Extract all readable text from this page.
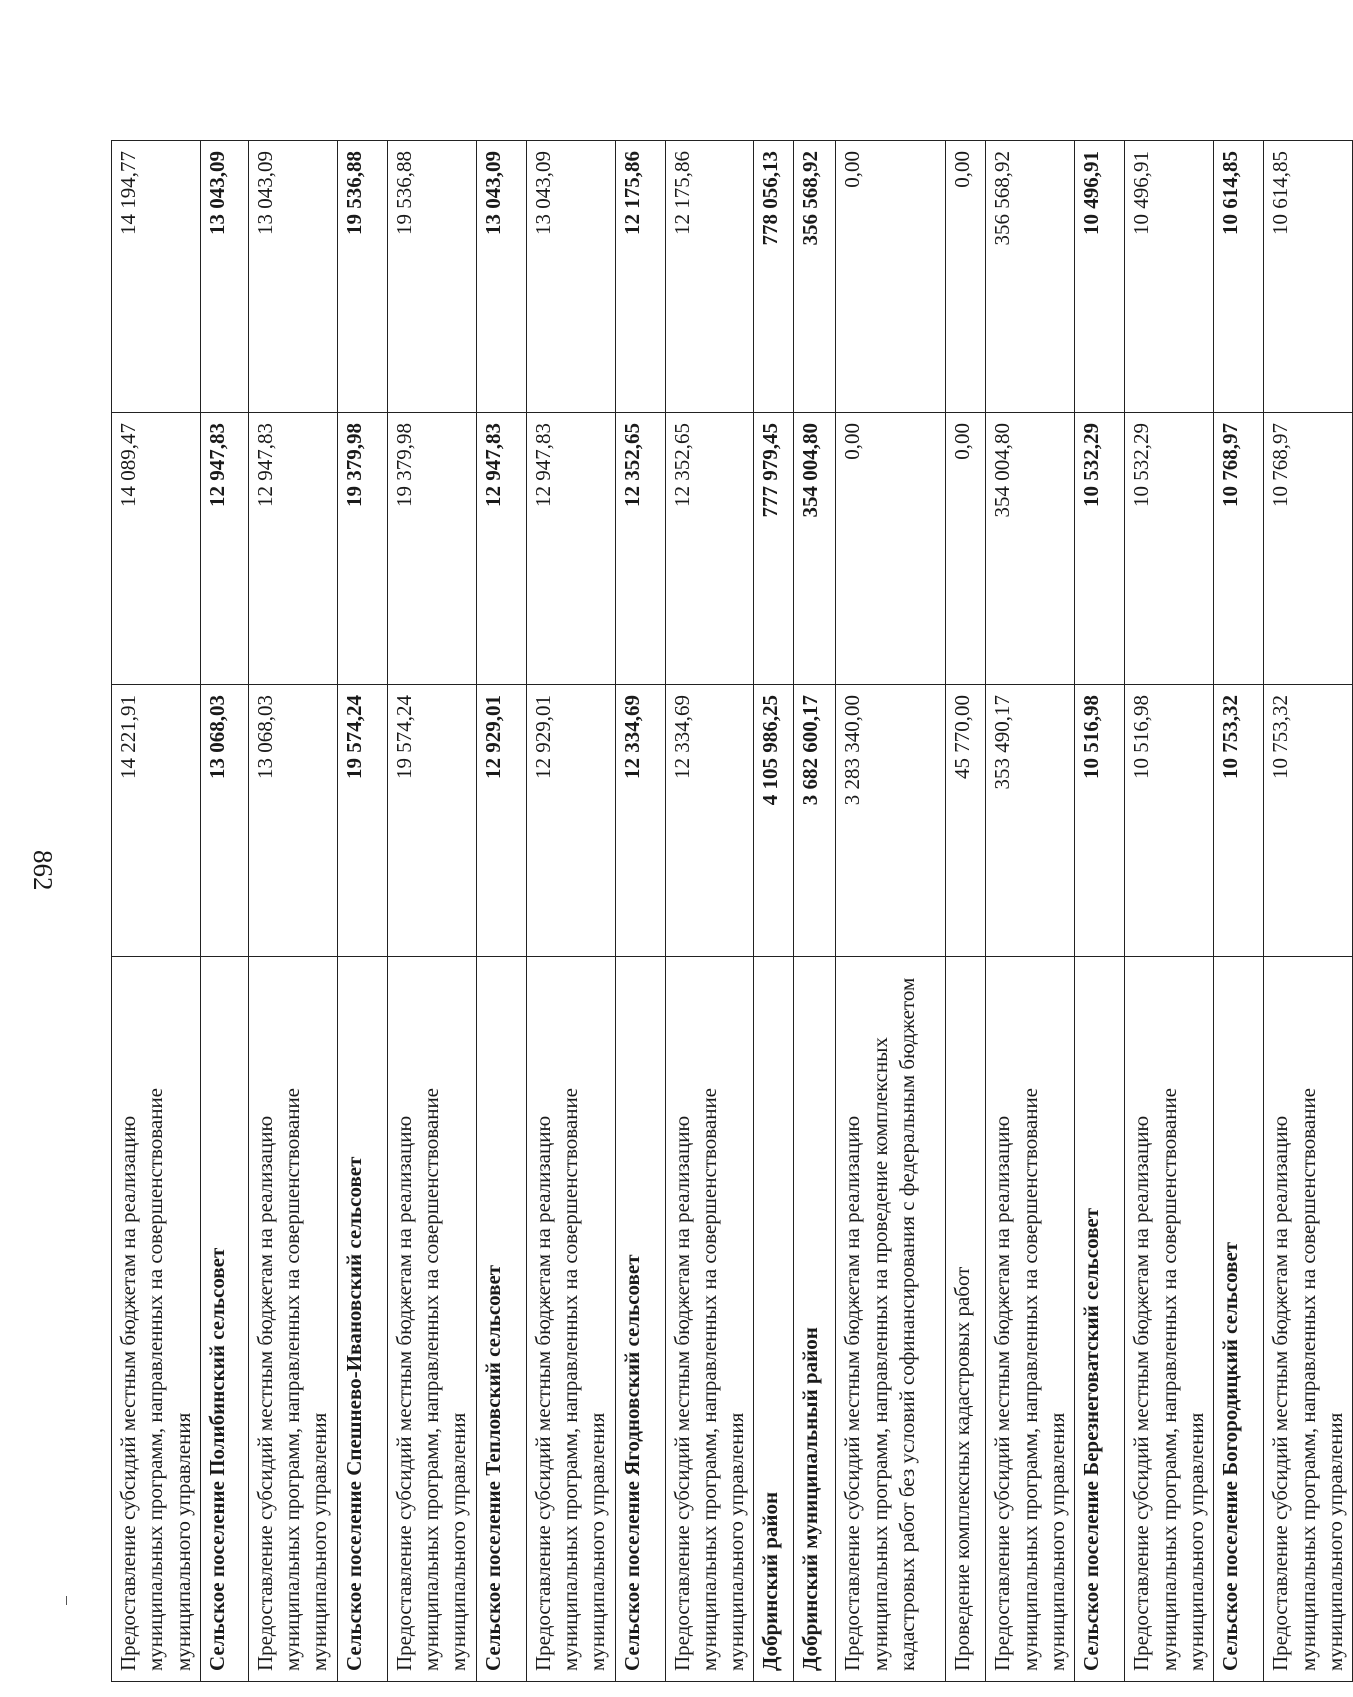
862
Предоставление субсидий местным бюджетам на реализацию муниципальных программ, направленных на совершенствование муниципального управления	14 221,91	14 089,47	14 194,77
Сельское поселение Полибинский сельсовет	13 068,03	12 947,83	13 043,09
Предоставление субсидий местным бюджетам на реализацию муниципальных программ, направленных на совершенствование муниципального управления	13 068,03	12 947,83	13 043,09
Сельское поселение Спешнево-Ивановский сельсовет	19 574,24	19 379,98	19 536,88
Предоставление субсидий местным бюджетам на реализацию муниципальных программ, направленных на совершенствование муниципального управления	19 574,24	19 379,98	19 536,88
Сельское поселение Тепловский сельсовет	12 929,01	12 947,83	13 043,09
Предоставление субсидий местным бюджетам на реализацию муниципальных программ, направленных на совершенствование муниципального управления	12 929,01	12 947,83	13 043,09
Сельское поселение Ягодновский сельсовет	12 334,69	12 352,65	12 175,86
Предоставление субсидий местным бюджетам на реализацию муниципальных программ, направленных на совершенствование муниципального управления	12 334,69	12 352,65	12 175,86
Добринский район	4 105 986,25	777 979,45	778 056,13
Добринский муниципальный район	3 682 600,17	354 004,80	356 568,92
Предоставление субсидий местным бюджетам на реализацию муниципальных программ, направленных на проведение комплексных кадастровых работ без условий софинансирования с федеральным бюджетом	3 283 340,00	0,00	0,00
Проведение комплексных кадастровых работ	45 770,00	0,00	0,00
Предоставление субсидий местным бюджетам на реализацию муниципальных программ, направленных на совершенствование муниципального управления	353 490,17	354 004,80	356 568,92
Сельское поселение Березнеговатский сельсовет	10 516,98	10 532,29	10 496,91
Предоставление субсидий местным бюджетам на реализацию муниципальных программ, направленных на совершенствование муниципального управления	10 516,98	10 532,29	10 496,91
Сельское поселение Богородицкий сельсовет	10 753,32	10 768,97	10 614,85
Предоставление субсидий местным бюджетам на реализацию муниципальных программ, направленных на совершенствование муниципального управления	10 753,32	10 768,97	10 614,85
